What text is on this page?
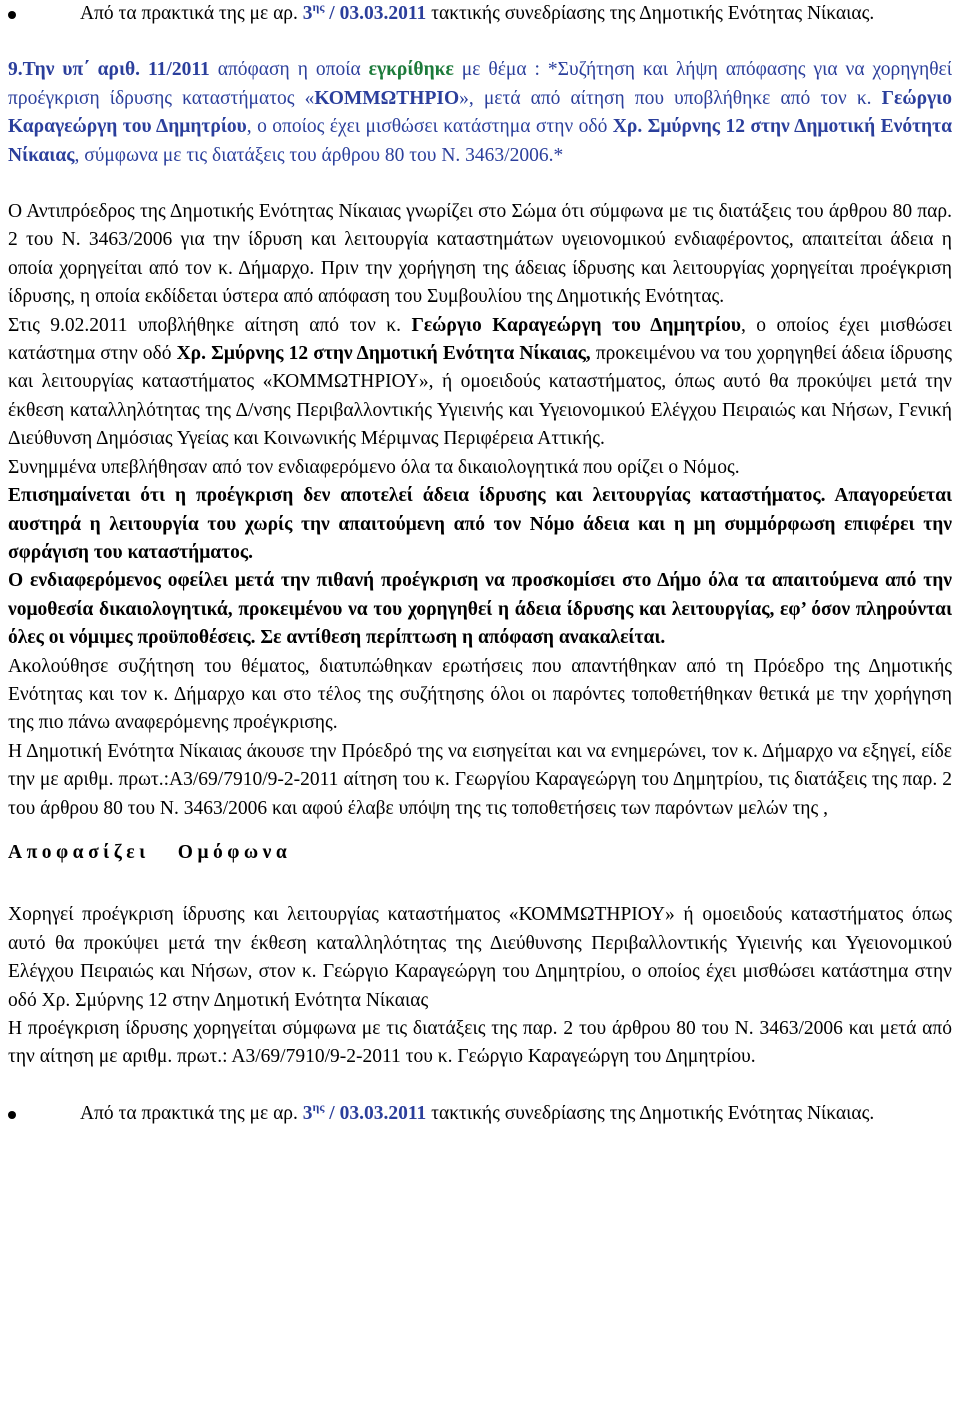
Από τα πρακτικά της με αρ. $3^{\eta\varsigma} / 03.03.2011$ τακτικής συνεδρίασης της Δημοτικής Ενότητας Νίκαιας.

9.Την υπ΄ αριθ. 11/2011 απόφαση η οποία εγκρίθηκε με θέμα : *Συζήτηση και λήψη απόφασης για να χορηγηθεί προέγκριση ίδρυσης καταστήματος «ΚΟΜΜΩΤΗΡΙΟ», μετά από αίτηση που υποβλήθηκε από τον κ. Γεώργιο Καραγεώργη του Δημητρίου, ο οποίος έχει μισθώσει κατάστημα στην οδό Χρ. Σμύρνης 12 στην Δημοτική Ενότητα Νίκαιας, σύμφωνα με τις διατάξεις του άρθρου 80 του Ν. 3463/2006.*

Ο Αντιπρόεδρος της Δημοτικής Ενότητας Νίκαιας γνωρίζει στο Σώμα ότι σύμφωνα με τις διατάξεις του άρθρου 80 παρ. 2 του Ν. 3463/2006 για την ίδρυση και λειτουργία καταστημάτων υγειονομικού ενδιαφέροντος, απαιτείται άδεια η οποία χορηγείται από τον κ. Δήμαρχο. Πριν την χορήγηση της άδειας ίδρυσης και λειτουργίας χορηγείται προέγκριση ίδρυσης, η οποία εκδίδεται ύστερα από απόφαση του Συμβουλίου της Δημοτικής Ενότητας.

Στις 9.02.2011 υποβλήθηκε αίτηση από τον κ. Γεώργιο Καραγεώργη του Δημητρίου, ο οποίος έχει μισθώσει κατάστημα στην οδό Χρ. Σμύρνης 12 στην Δημοτική Ενότητα Νίκαιας, προκειμένου να του χορηγηθεί άδεια ίδρυσης και λειτουργίας καταστήματος «ΚΟΜΜΩΤΗΡΙΟΥ», ή ομοειδούς καταστήματος, όπως αυτό θα προκύψει μετά την έκθεση καταλληλότητας της Δ/νσης Περιβαλλοντικής Υγιεινής και Υγειονομικού Ελέγχου Πειραιώς και Νήσων, Γενική Διεύθυνση Δημόσιας Υγείας και Κοινωνικής Μέριμνας Περιφέρεια Αττικής.

Συνημμένα υπεβλήθησαν από τον ενδιαφερόμενο όλα τα δικαιολογητικά που ορίζει ο Νόμος.

Επισημαίνεται ότι η προέγκριση δεν αποτελεί άδεια ίδρυσης και λειτουργίας καταστήματος. Απαγορεύεται αυστηρά η λειτουργία του χωρίς την απαιτούμενη από τον Νόμο άδεια και η μη συμμόρφωση επιφέρει την σφράγιση του καταστήματος.

Ο ενδιαφερόμενος οφείλει μετά την πιθανή προέγκριση να προσκομίσει στο Δήμο όλα τα απαιτούμενα από την νομοθεσία δικαιολογητικά, προκειμένου να του χορηγηθεί η άδεια ίδρυσης και λειτουργίας, εφ’ όσον πληρούνται όλες οι νόμιμες προϋποθέσεις. Σε αντίθεση περίπτωση η απόφαση ανακαλείται.

Ακολούθησε συζήτηση του θέματος, διατυπώθηκαν ερωτήσεις που απαντήθηκαν από τη Πρόεδρο της Δημοτικής Ενότητας και τον κ. Δήμαρχο και στο τέλος της συζήτησης όλοι οι παρόντες τοποθετήθηκαν θετικά με την χορήγηση της πιο πάνω αναφερόμενης προέγκρισης.

Η Δημοτική Ενότητα Νίκαιας άκουσε την Πρόεδρό της να εισηγείται και να ενημερώνει, τον κ. Δήμαρχο να εξηγεί, είδε την με αριθμ. πρωτ.:Α3/69/7910/9-2-2011 αίτηση του κ. Γεωργίου Καραγεώργη του Δημητρίου, τις διατάξεις της παρ. 2 του άρθρου 80 του Ν. 3463/2006 και αφού έλαβε υπόψη της τις τοποθετήσεις των παρόντων μελών της ,

Αποφασίζει   Ομόφωνα

Χορηγεί προέγκριση ίδρυσης και λειτουργίας καταστήματος «ΚΟΜΜΩΤΗΡΙΟΥ» ή ομοειδούς καταστήματος όπως αυτό θα προκύψει μετά την έκθεση καταλληλότητας της Διεύθυνσης Περιβαλλοντικής Υγιεινής και Υγειονομικού Ελέγχου Πειραιώς και Νήσων, στον κ. Γεώργιο Καραγεώργη του Δημητρίου, ο οποίος έχει μισθώσει κατάστημα στην οδό Χρ. Σμύρνης 12 στην Δημοτική Ενότητα Νίκαιας

Η προέγκριση ίδρυσης χορηγείται σύμφωνα με τις διατάξεις της παρ. 2 του άρθρου 80 του Ν. 3463/2006 και μετά από την αίτηση με αριθμ. πρωτ.: Α3/69/7910/9-2-2011 του κ. Γεώργιο Καραγεώργη του Δημητρίου.

Από τα πρακτικά της με αρ. $3^{\eta\varsigma} / 03.03.2011$ τακτικής συνεδρίασης της Δημοτικής Ενότητας Νίκαιας.
